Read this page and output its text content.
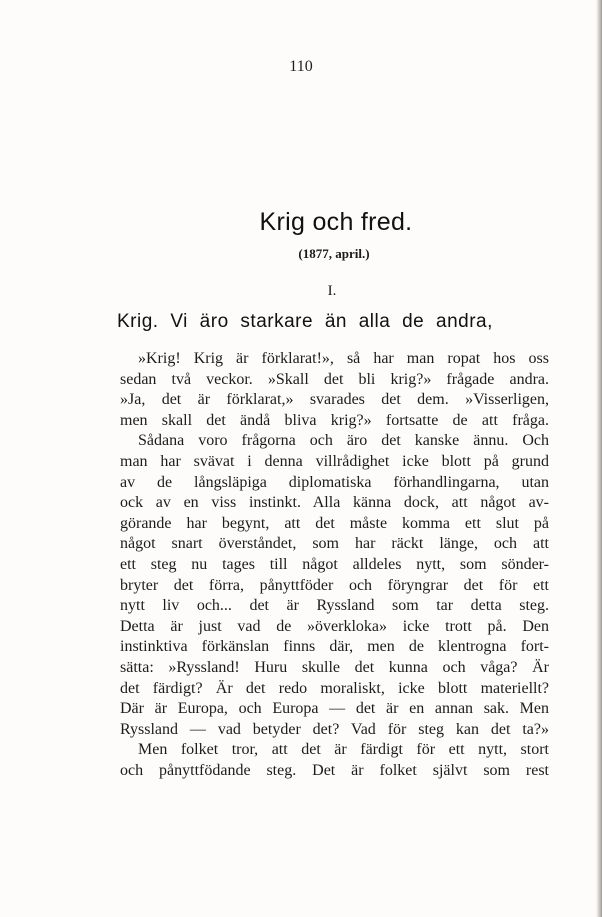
110
Krig och fred.
(1877, april.)
I.
Krig. Vi äro starkare än alla de andra,
»Krig! Krig är förklarat!», så har man ropat hos oss
sedan två veckor. »Skall det bli krig?» frågade andra.
»Ja, det är förklarat,» svarades det dem. »Visserligen,
men skall det ändå bliva krig?» fortsatte de att fråga.
Sådana voro frågorna och äro det kanske ännu. Och
man har svävat i denna villrådighet icke blott på grund
av de långsläpiga diplomatiska förhandlingarna, utan
ock av en viss instinkt. Alla känna dock, att något av-
görande har begynt, att det måste komma ett slut på
något snart överståndet, som har räckt länge, och att
ett steg nu tages till något alldeles nytt, som sönder-
bryter det förra, pånyttföder och föryngrar det för ett
nytt liv och... det är Ryssland som tar detta steg.
Detta är just vad de »överkloka» icke trott på. Den
instinktiva förkänslan finns där, men de klentrogna fort-
sätta: »Ryssland! Huru skulle det kunna och våga? Är
det färdigt? Är det redo moraliskt, icke blott materiellt?
Där är Europa, och Europa — det är en annan sak. Men
Ryssland — vad betyder det? Vad för steg kan det ta?»
Men folket tror, att det är färdigt för ett nytt, stort
och pånyttfödande steg. Det är folket självt som rest
